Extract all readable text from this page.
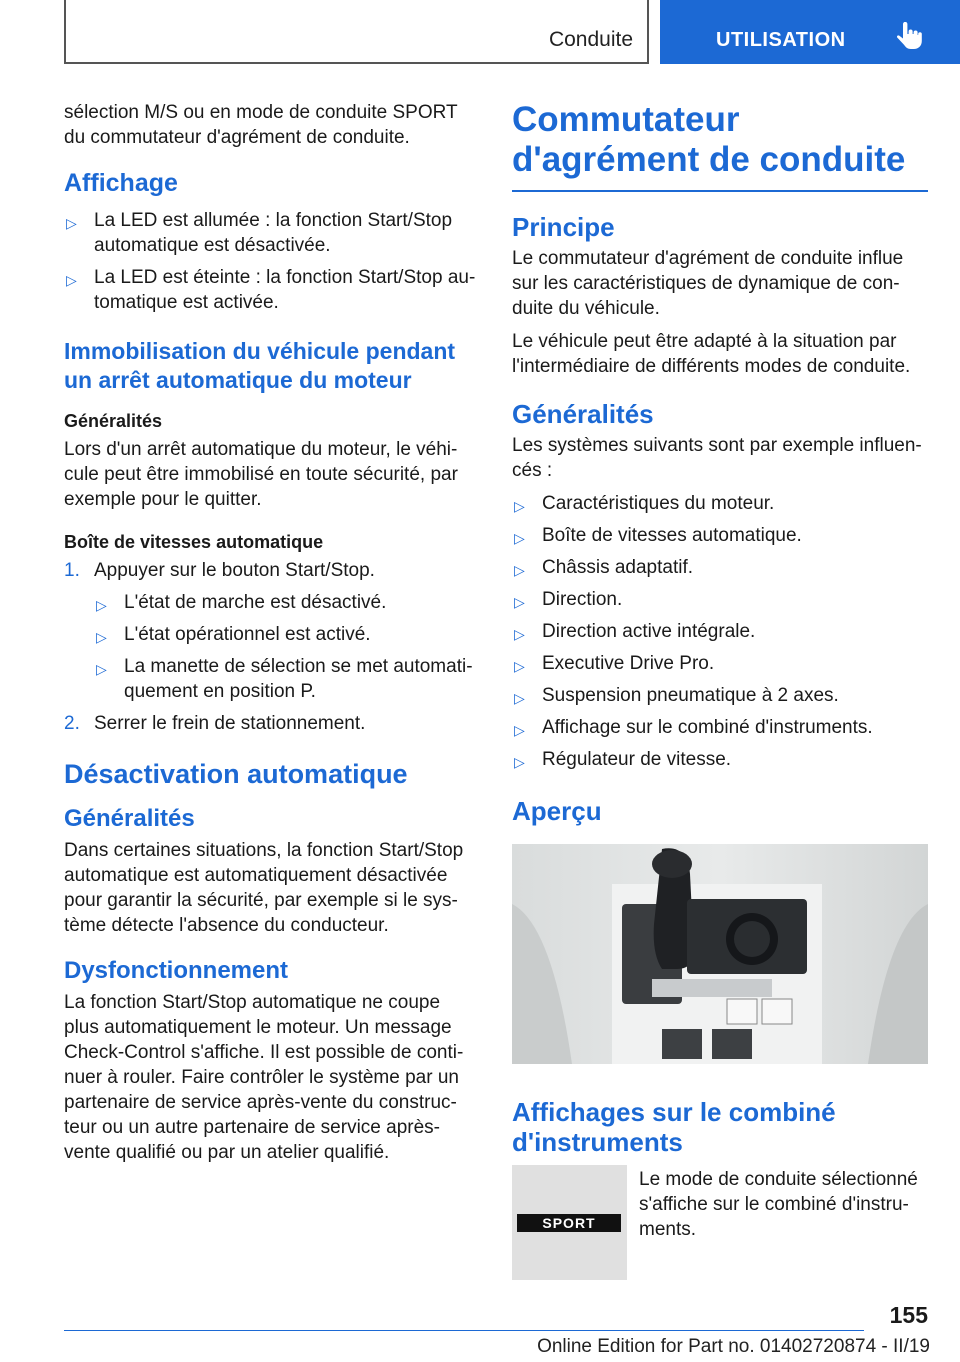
Conduite	UTILISATION

sélection M/S ou en mode de conduite SPORT du commutateur d'agrément de conduite.

Affichage
▷ La LED est allumée : la fonction Start/Stop automatique est désactivée.
▷ La LED est éteinte : la fonction Start/Stop au-tomatique est activée.
Immobilisation du véhicule pendant un arrêt automatique du moteur
Généralités

Lors d'un arrêt automatique du moteur, le véhi-cule peut être immobilisé en toute sécurité, par exemple pour le quitter.

Boîte de vitesses automatique
1. Appuyer sur le bouton Start/Stop.
▷ L'état de marche est désactivé.
▷ L'état opérationnel est activé.
▷ La manette de sélection se met automati-quement en position P.
2. Serrer le frein de stationnement.
Désactivation automatique
Généralités

Dans certaines situations, la fonction Start/Stop automatique est automatiquement désactivée pour garantir la sécurité, par exemple si le sys-tème détecte l'absence du conducteur.

Dysfonctionnement

La fonction Start/Stop automatique ne coupe plus automatiquement le moteur. Un message Check-Control s'affiche. Il est possible de conti-nuer à rouler. Faire contrôler le système par un partenaire de service après-vente du construc-teur ou un autre partenaire de service après-vente qualifié ou par un atelier qualifié.

Commutateur d'agrément de conduite
Principe

Le commutateur d'agrément de conduite influe sur les caractéristiques de dynamique de con-duite du véhicule.

Le véhicule peut être adapté à la situation par l'intermédiaire de différents modes de conduite.

Généralités

Les systèmes suivants sont par exemple influen-cés :

▷ Caractéristiques du moteur.
▷ Boîte de vitesses automatique.
▷ Châssis adaptatif.
▷ Direction.
▷ Direction active intégrale.
▷ Executive Drive Pro.
▷ Suspension pneumatique à 2 axes.
▷ Affichage sur le combiné d'instruments.
▷ Régulateur de vitesse.
Aperçu
Affichages sur le combiné d'instruments
SPORT
Le mode de conduite sélectionné s'affiche sur le combiné d'instru-ments.
155
Online Edition for Part no. 01402720874 - II/19
